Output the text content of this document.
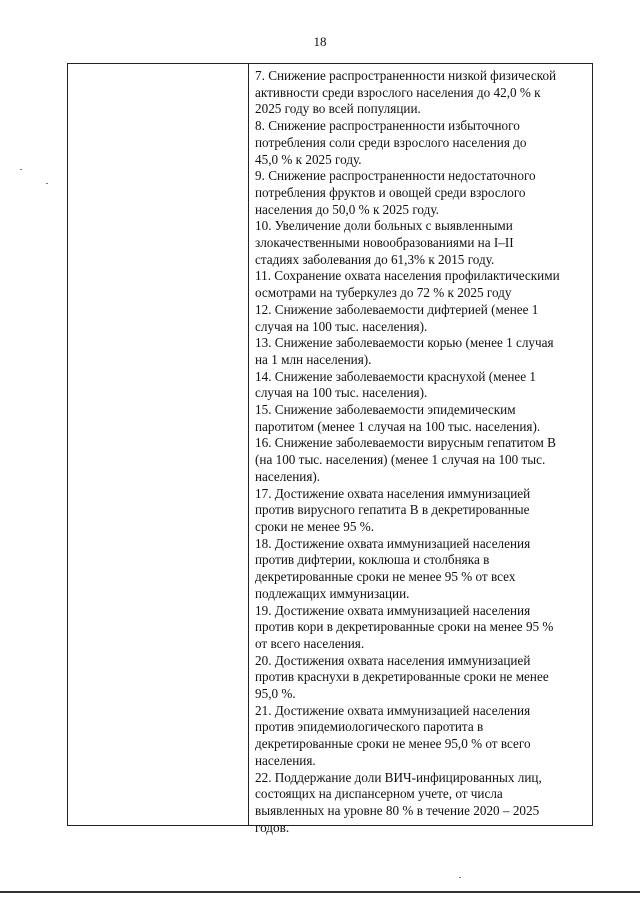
18
7. Снижение распространенности низкой физической
активности среди взрослого населения до 42,0 % к
2025 году во всей популяции.
8. Снижение распространенности избыточного
потребления соли среди взрослого населения до
45,0 % к 2025 году.
9. Снижение распространенности недостаточного
потребления фруктов и овощей среди взрослого
населения до 50,0 % к 2025 году.
10. Увеличение доли больных с выявленными
злокачественными новообразованиями на I–II
стадиях заболевания до 61,3% к 2015 году.
11. Сохранение охвата населения профилактическими
осмотрами на туберкулез до 72 % к 2025 году
12. Снижение заболеваемости дифтерией (менее 1
случая на 100 тыс. населения).
13. Снижение заболеваемости корью (менее 1 случая
на 1 млн населения).
14. Снижение заболеваемости краснухой (менее 1
случая на 100 тыс. населения).
15. Снижение заболеваемости эпидемическим
паротитом (менее 1 случая на 100 тыс. населения).
16. Снижение заболеваемости вирусным гепатитом В
(на 100 тыс. населения) (менее 1 случая на 100 тыс.
населения).
17. Достижение охвата населения иммунизацией
против вирусного гепатита В в декретированные
сроки не менее 95 %.
18. Достижение охвата иммунизацией населения
против дифтерии, коклюша и столбняка в
декретированные сроки не менее 95 % от всех
подлежащих иммунизации.
19. Достижение охвата иммунизацией населения
против кори в декретированные сроки на менее 95 %
от всего населения.
20. Достижения охвата населения иммунизацией
против краснухи в декретированные сроки не менее
95,0 %.
21. Достижение охвата иммунизацией населения
против эпидемиологического паротита в
декретированные сроки не менее 95,0 % от всего
населения.
22. Поддержание доли ВИЧ-инфицированных лиц,
состоящих на диспансерном учете, от числа
выявленных на уровне 80 % в течение 2020 – 2025
годов.
